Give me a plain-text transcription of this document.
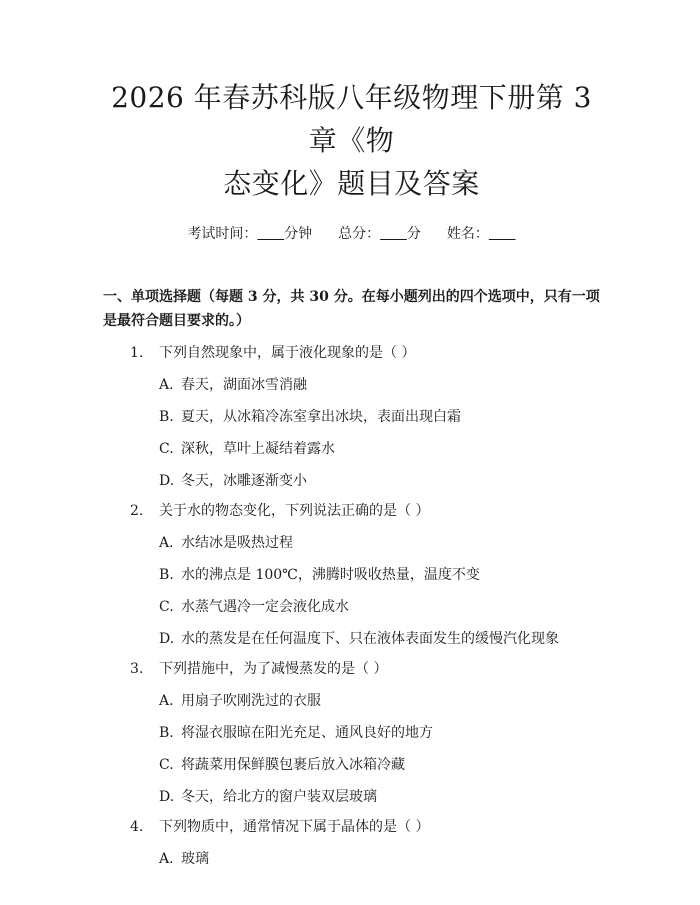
2026 年春苏科版八年级物理下册第 3 章《物
态变化》题目及答案
考试时间： 分钟 总分： 分 姓名：
一、单项选择题（每题 3 分，共 30 分。在每小题列出的四个选项中，只有一项是最符合题目要求的。）
1.	下列自然现象中，属于液化现象的是（ ）
A. 春天，湖面冰雪消融
B. 夏天，从冰箱冷冻室拿出冰块，表面出现白霜
C. 深秋，草叶上凝结着露水
D. 冬天，冰雕逐渐变小
2.	关于水的物态变化，下列说法正确的是（ ）
A. 水结冰是吸热过程
B. 水的沸点是 100℃，沸腾时吸收热量，温度不变
C. 水蒸气遇冷一定会液化成水
D. 水的蒸发是在任何温度下、只在液体表面发生的缓慢汽化现象
3.	下列措施中，为了减慢蒸发的是（ ）
A. 用扇子吹刚洗过的衣服
B. 将湿衣服晾在阳光充足、通风良好的地方
C. 将蔬菜用保鲜膜包裹后放入冰箱冷藏
D. 冬天，给北方的窗户装双层玻璃
4.	下列物质中，通常情况下属于晶体的是（ ）
A. 玻璃
